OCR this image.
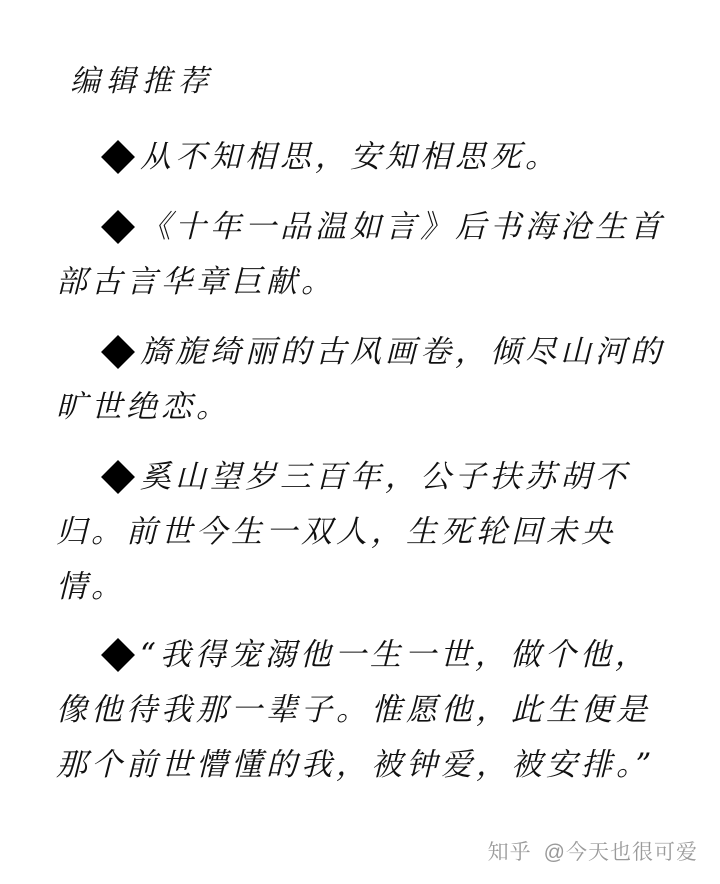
编辑推荐

从不知相思，安知相思死。

《十年一品温如言》后书海沧生首部古言华章巨献。

旖旎绮丽的古风画卷，倾尽山河的旷世绝恋。

奚山望岁三百年，公子扶苏胡不归。前世今生一双人，生死轮回未央情。

“我得宠溺他一生一世，做个他，像他待我那一辈子。惟愿他，此生便是那个前世懵懂的我，被钟爱，被安排。”

知乎 @今天也很可爱
